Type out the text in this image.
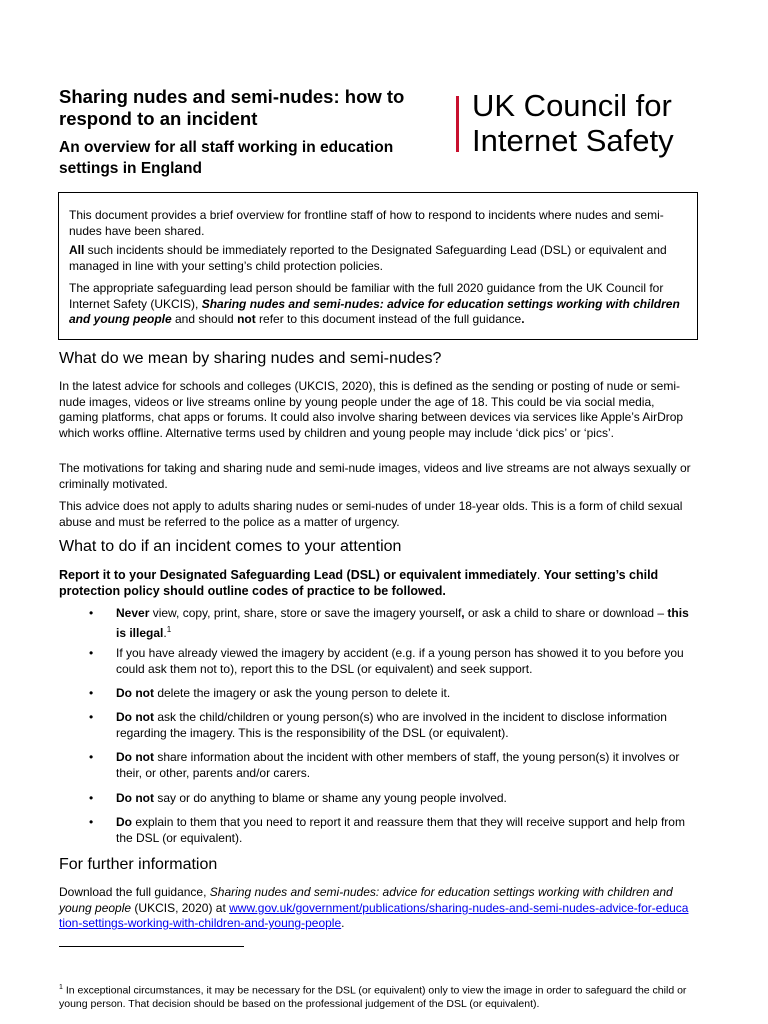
Sharing nudes and semi-nudes: how to respond to an incident
An overview for all staff working in education settings in England
UK Council for
Internet Safety

This document provides a brief overview for frontline staff of how to respond to incidents where nudes and semi-nudes have been shared.

All such incidents should be immediately reported to the Designated Safeguarding Lead (DSL) or equivalent and managed in line with your setting’s child protection policies.

The appropriate safeguarding lead person should be familiar with the full 2020 guidance from the UK Council for Internet Safety (UKCIS), Sharing nudes and semi-nudes: advice for education settings working with children and young people and should not refer to this document instead of the full guidance.

What do we mean by sharing nudes and semi-nudes?

In the latest advice for schools and colleges (UKCIS, 2020), this is defined as the sending or posting of nude or semi-nude images, videos or live streams online by young people under the age of 18. This could be via social media, gaming platforms, chat apps or forums. It could also involve sharing between devices via services like Apple’s AirDrop which works offline. Alternative terms used by children and young people may include ‘dick pics’ or ‘pics’.

The motivations for taking and sharing nude and semi-nude images, videos and live streams are not always sexually or criminally motivated.

This advice does not apply to adults sharing nudes or semi-nudes of under 18-year olds. This is a form of child sexual abuse and must be referred to the police as a matter of urgency.

What to do if an incident comes to your attention

Report it to your Designated Safeguarding Lead (DSL) or equivalent immediately. Your setting’s child protection policy should outline codes of practice to be followed.

• Never view, copy, print, share, store or save the imagery yourself, or ask a child to share or download – this is illegal.$^1$
• If you have already viewed the imagery by accident (e.g. if a young person has showed it to you before you could ask them not to), report this to the DSL (or equivalent) and seek support.
• Do not delete the imagery or ask the young person to delete it.
• Do not ask the child/children or young person(s) who are involved in the incident to disclose information regarding the imagery. This is the responsibility of the DSL (or equivalent).
• Do not share information about the incident with other members of staff, the young person(s) it involves or their, or other, parents and/or carers.
• Do not say or do anything to blame or shame any young people involved.
• Do explain to them that you need to report it and reassure them that they will receive support and help from the DSL (or equivalent).
For further information

Download the full guidance, Sharing nudes and semi-nudes: advice for education settings working with children and young people (UKCIS, 2020) at www.gov.uk/government/publications/sharing-nudes-and-semi-nudes-advice-for-education-settings-working-with-children-and-young-people.

$^1$ In exceptional circumstances, it may be necessary for the DSL (or equivalent) only to view the image in order to safeguard the child or young person. That decision should be based on the professional judgement of the DSL (or equivalent).
